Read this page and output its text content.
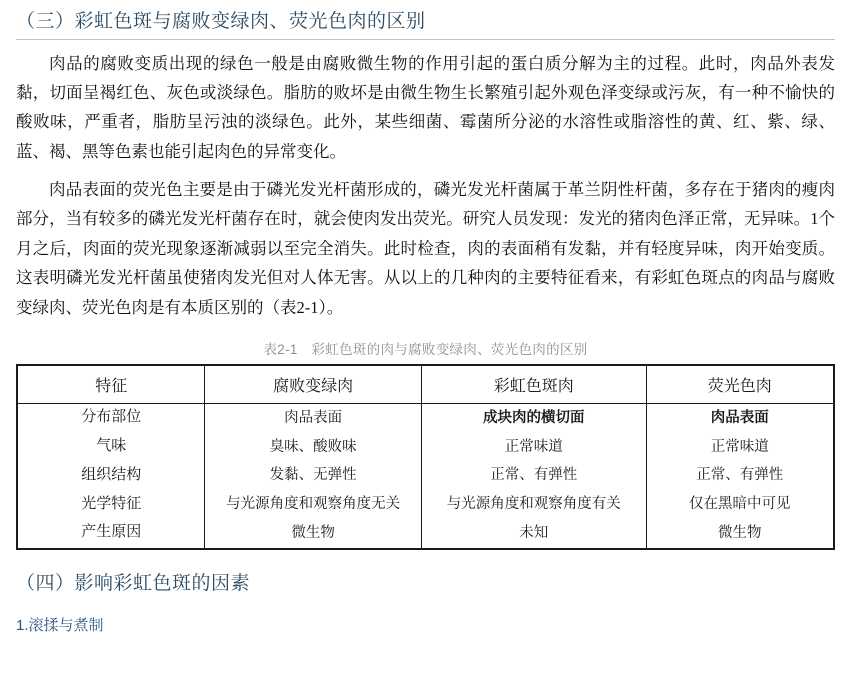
（三）彩虹色斑与腐败变绿肉、荧光色肉的区别

肉品的腐败变质出现的绿色一般是由腐败微生物的作用引起的蛋白质分解为主的过程。此时，肉品外表发黏，切面呈褐红色、灰色或淡绿色。脂肪的败坏是由微生物生长繁殖引起外观色泽变绿或污灰，有一种不愉快的酸败味，严重者，脂肪呈污浊的淡绿色。此外，某些细菌、霉菌所分泌的水溶性或脂溶性的黄、红、紫、绿、蓝、褐、黑等色素也能引起肉色的异常变化。

肉品表面的荧光色主要是由于磷光发光杆菌形成的，磷光发光杆菌属于革兰阴性杆菌，多存在于猪肉的瘦肉部分，当有较多的磷光发光杆菌存在时，就会使肉发出荧光。研究人员发现：发光的猪肉色泽正常，无异味。1个月之后，肉面的荧光现象逐渐减弱以至完全消失。此时检查，肉的表面稍有发黏，并有轻度异味，肉开始变质。这表明磷光发光杆菌虽使猪肉发光但对人体无害。从以上的几种肉的主要特征看来，有彩虹色斑点的肉品与腐败变绿肉、荧光色肉是有本质区别的（表2-1）。

表2-1　彩虹色斑的肉与腐败变绿肉、荧光色肉的区别
特征	腐败变绿肉	彩虹色斑肉	荧光色肉
分布部位	肉品表面	成块肉的横切面	肉品表面
气味	臭味、酸败味	正常味道	正常味道
组织结构	发黏、无弹性	正常、有弹性	正常、有弹性
光学特征	与光源角度和观察角度无关	与光源角度和观察角度有关	仅在黑暗中可见
产生原因	微生物	未知	微生物
（四）影响彩虹色斑的因素
1.滚揉与煮制
